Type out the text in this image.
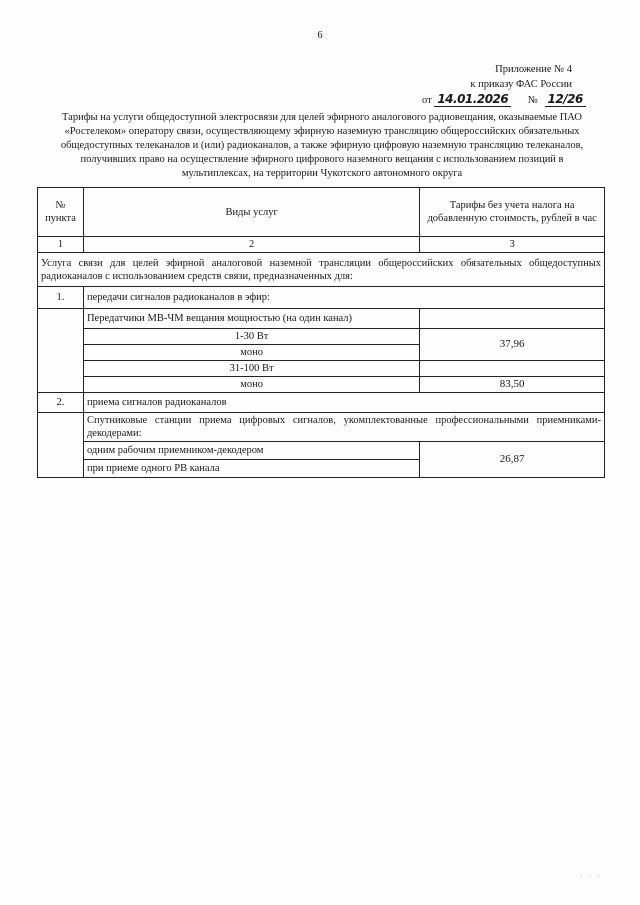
6
Приложение № 4
к приказу ФАС России
от 14.01.2026 № 12/26
Тарифы на услуги общедоступной электросвязи для целей эфирного аналогового радиовещания, оказываемые ПАО «Ростелеком» оператору связи, осуществляющему эфирную наземную трансляцию общероссийских обязательных общедоступных телеканалов и (или) радиоканалов, а также эфирную цифровую наземную трансляцию телеканалов, получивших право на осуществление эфирного цифрового наземного вещания с использованием позиций в мультиплексах, на территории Чукотского автономного округа
№ пункта	Виды услуг	Тарифы без учета налога на добавленную стоимость, рублей в час
1	2	3
Услуга связи для целей эфирной аналоговой наземной трансляции общероссийских обязательных общедоступных радиоканалов с использованием средств связи, предназначенных для:		
1.	передачи сигналов радиоканалов в эфир:	
	Передатчики МВ-ЧМ вещания мощностью (на один канал)	
	1-30 Вт	37,96
	моно	
	31-100 Вт	
	моно	83,50
2.	приема сигналов радиоканалов	
	Спутниковые станции приема цифровых сигналов, укомплектованные профессиональными приемниками-декодерами:	
	одним рабочим приемником-декодером	26,87
	при приеме одного РВ канала	
· · ·
